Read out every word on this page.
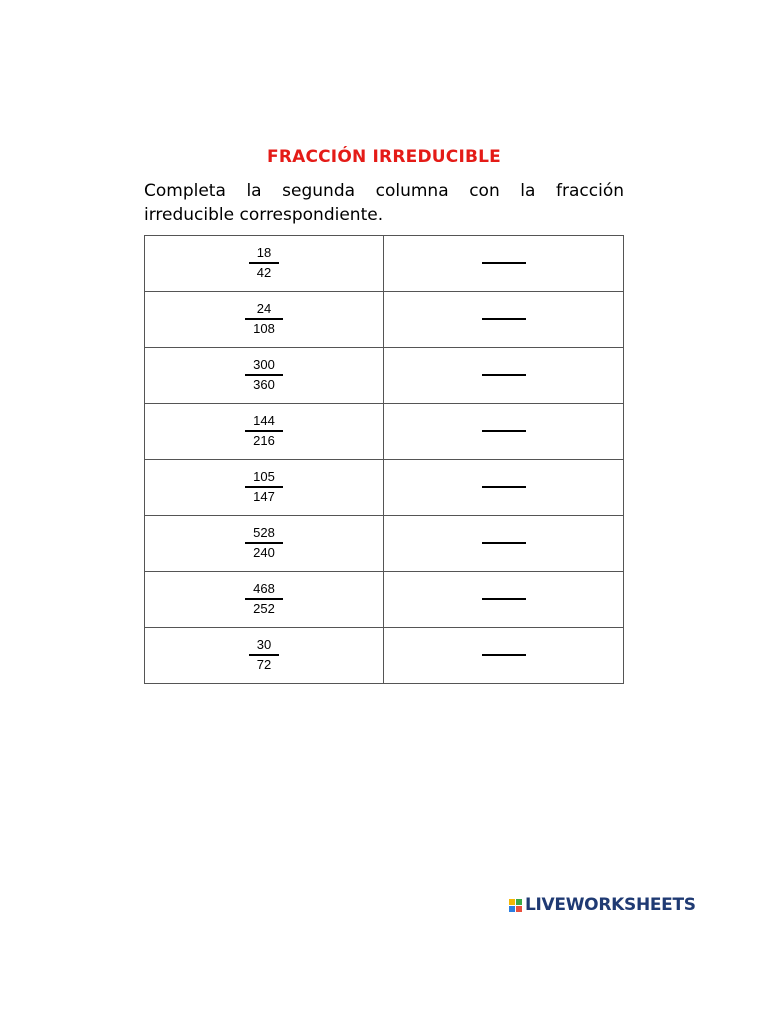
FRACCIÓN IRREDUCIBLE
Completa la segunda columna con la fracción irreducible correspondiente.
$\frac{18}{42}$

$\frac{24}{108}$

$\frac{300}{360}$

$\frac{144}{216}$

$\frac{105}{147}$

$\frac{528}{240}$

$\frac{468}{252}$

$\frac{30}{72}$

LIVEWORKSHEETS
